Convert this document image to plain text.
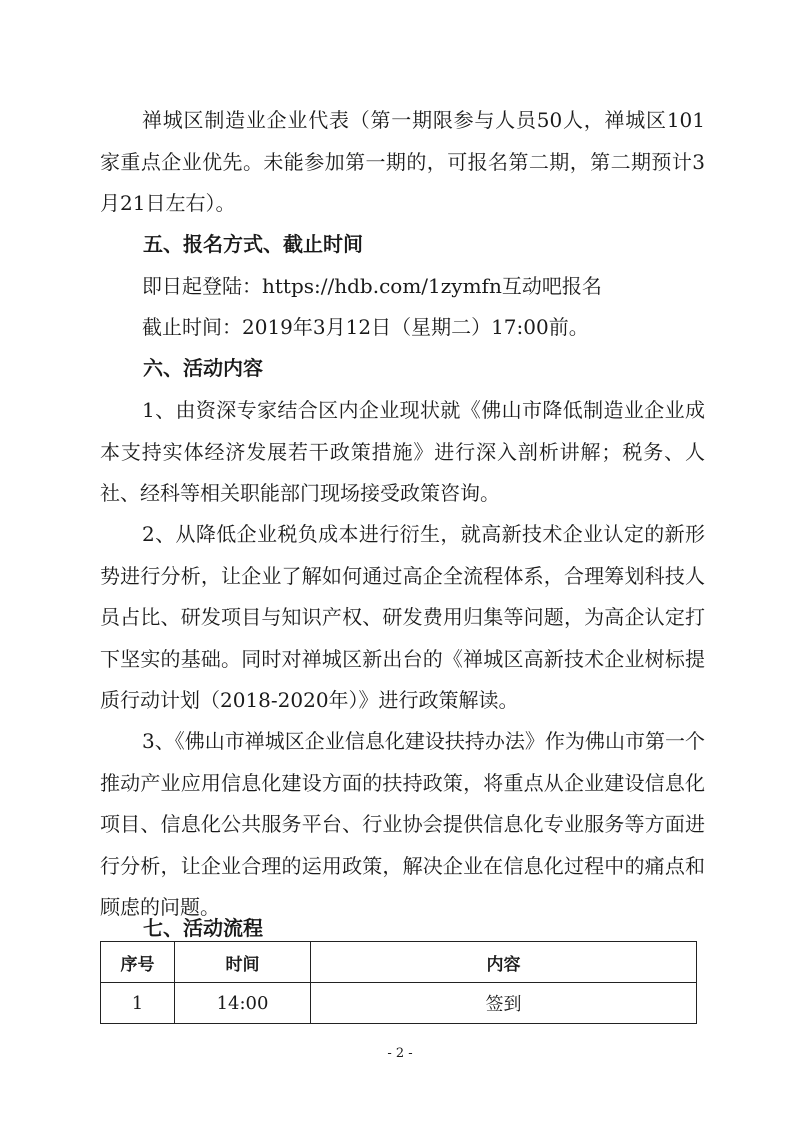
禅城区制造业企业代表（第一期限参与人员50人，禅城区101家重点企业优先。未能参加第一期的，可报名第二期，第二期预计3月21日左右）。
五、报名方式、截止时间
即日起登陆：https://hdb.com/1zymfn互动吧报名
截止时间：2019年3月12日（星期二）17:00前。
六、活动内容
1、由资深专家结合区内企业现状就《佛山市降低制造业企业成本支持实体经济发展若干政策措施》进行深入剖析讲解；税务、人社、经科等相关职能部门现场接受政策咨询。
2、从降低企业税负成本进行衍生，就高新技术企业认定的新形势进行分析，让企业了解如何通过高企全流程体系，合理筹划科技人员占比、研发项目与知识产权、研发费用归集等问题，为高企认定打下坚实的基础。同时对禅城区新出台的《禅城区高新技术企业树标提质行动计划（2018-2020年）》进行政策解读。
3、《佛山市禅城区企业信息化建设扶持办法》作为佛山市第一个推动产业应用信息化建设方面的扶持政策，将重点从企业建设信息化项目、信息化公共服务平台、行业协会提供信息化专业服务等方面进行分析，让企业合理的运用政策，解决企业在信息化过程中的痛点和顾虑的问题。
七、活动流程
序号	时间	内容
1	14:00	签到
- 2 -
